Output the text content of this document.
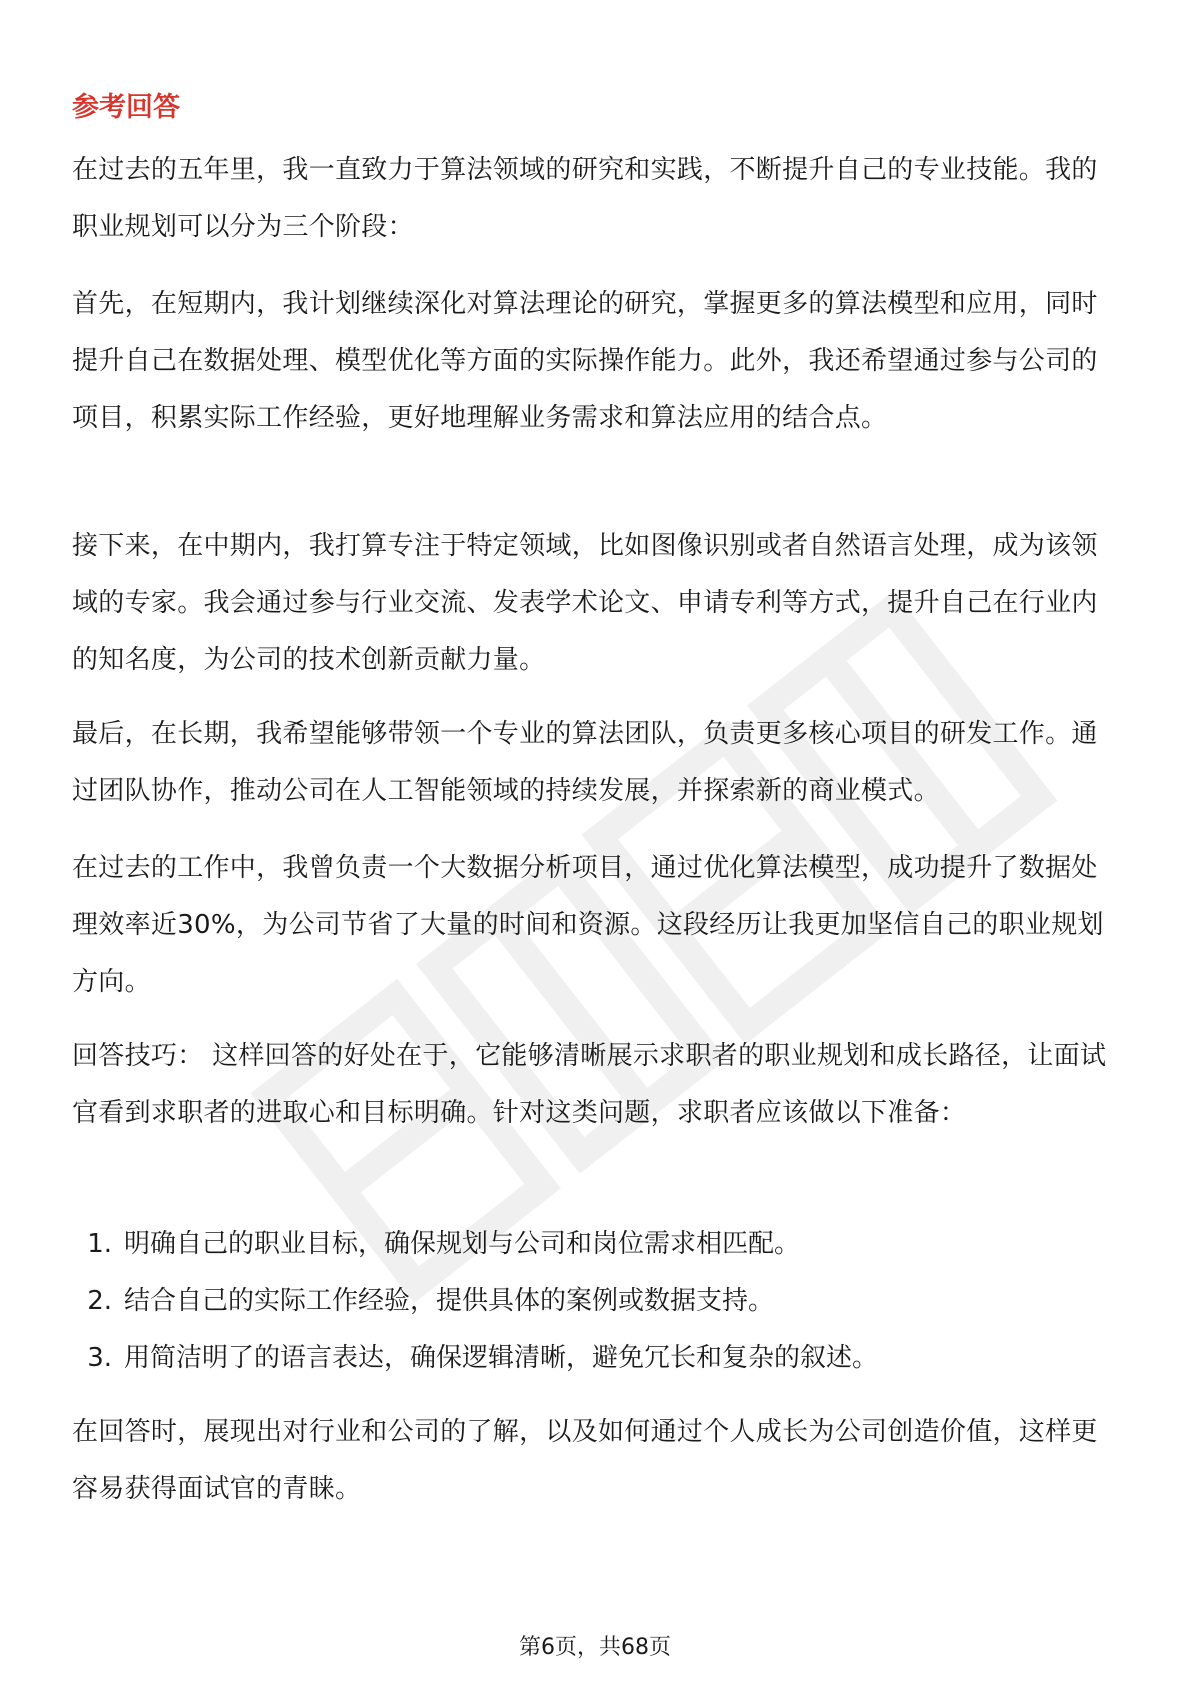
参考回答

在过去的五年里，我一直致力于算法领域的研究和实践，不断提升自己的专业技能。我的职业规划可以分为三个阶段：

首先，在短期内，我计划继续深化对算法理论的研究，掌握更多的算法模型和应用，同时提升自己在数据处理、模型优化等方面的实际操作能力。此外，我还希望通过参与公司的项目，积累实际工作经验，更好地理解业务需求和算法应用的结合点。

接下来，在中期内，我打算专注于特定领域，比如图像识别或者自然语言处理，成为该领域的专家。我会通过参与行业交流、发表学术论文、申请专利等方式，提升自己在行业内的知名度，为公司的技术创新贡献力量。

最后，在长期，我希望能够带领一个专业的算法团队，负责更多核心项目的研发工作。通过团队协作，推动公司在人工智能领域的持续发展，并探索新的商业模式。

在过去的工作中，我曾负责一个大数据分析项目，通过优化算法模型，成功提升了数据处理效率近30%，为公司节省了大量的时间和资源。这段经历让我更加坚信自己的职业规划方向。

回答技巧： 这样回答的好处在于，它能够清晰展示求职者的职业规划和成长路径，让面试官看到求职者的进取心和目标明确。针对这类问题，求职者应该做以下准备：

1. 明确自己的职业目标，确保规划与公司和岗位需求相匹配。
2. 结合自己的实际工作经验，提供具体的案例或数据支持。
3. 用简洁明了的语言表达，确保逻辑清晰，避免冗长和复杂的叙述。

在回答时，展现出对行业和公司的了解，以及如何通过个人成长为公司创造价值，这样更容易获得面试官的青睐。

第6页，共68页
